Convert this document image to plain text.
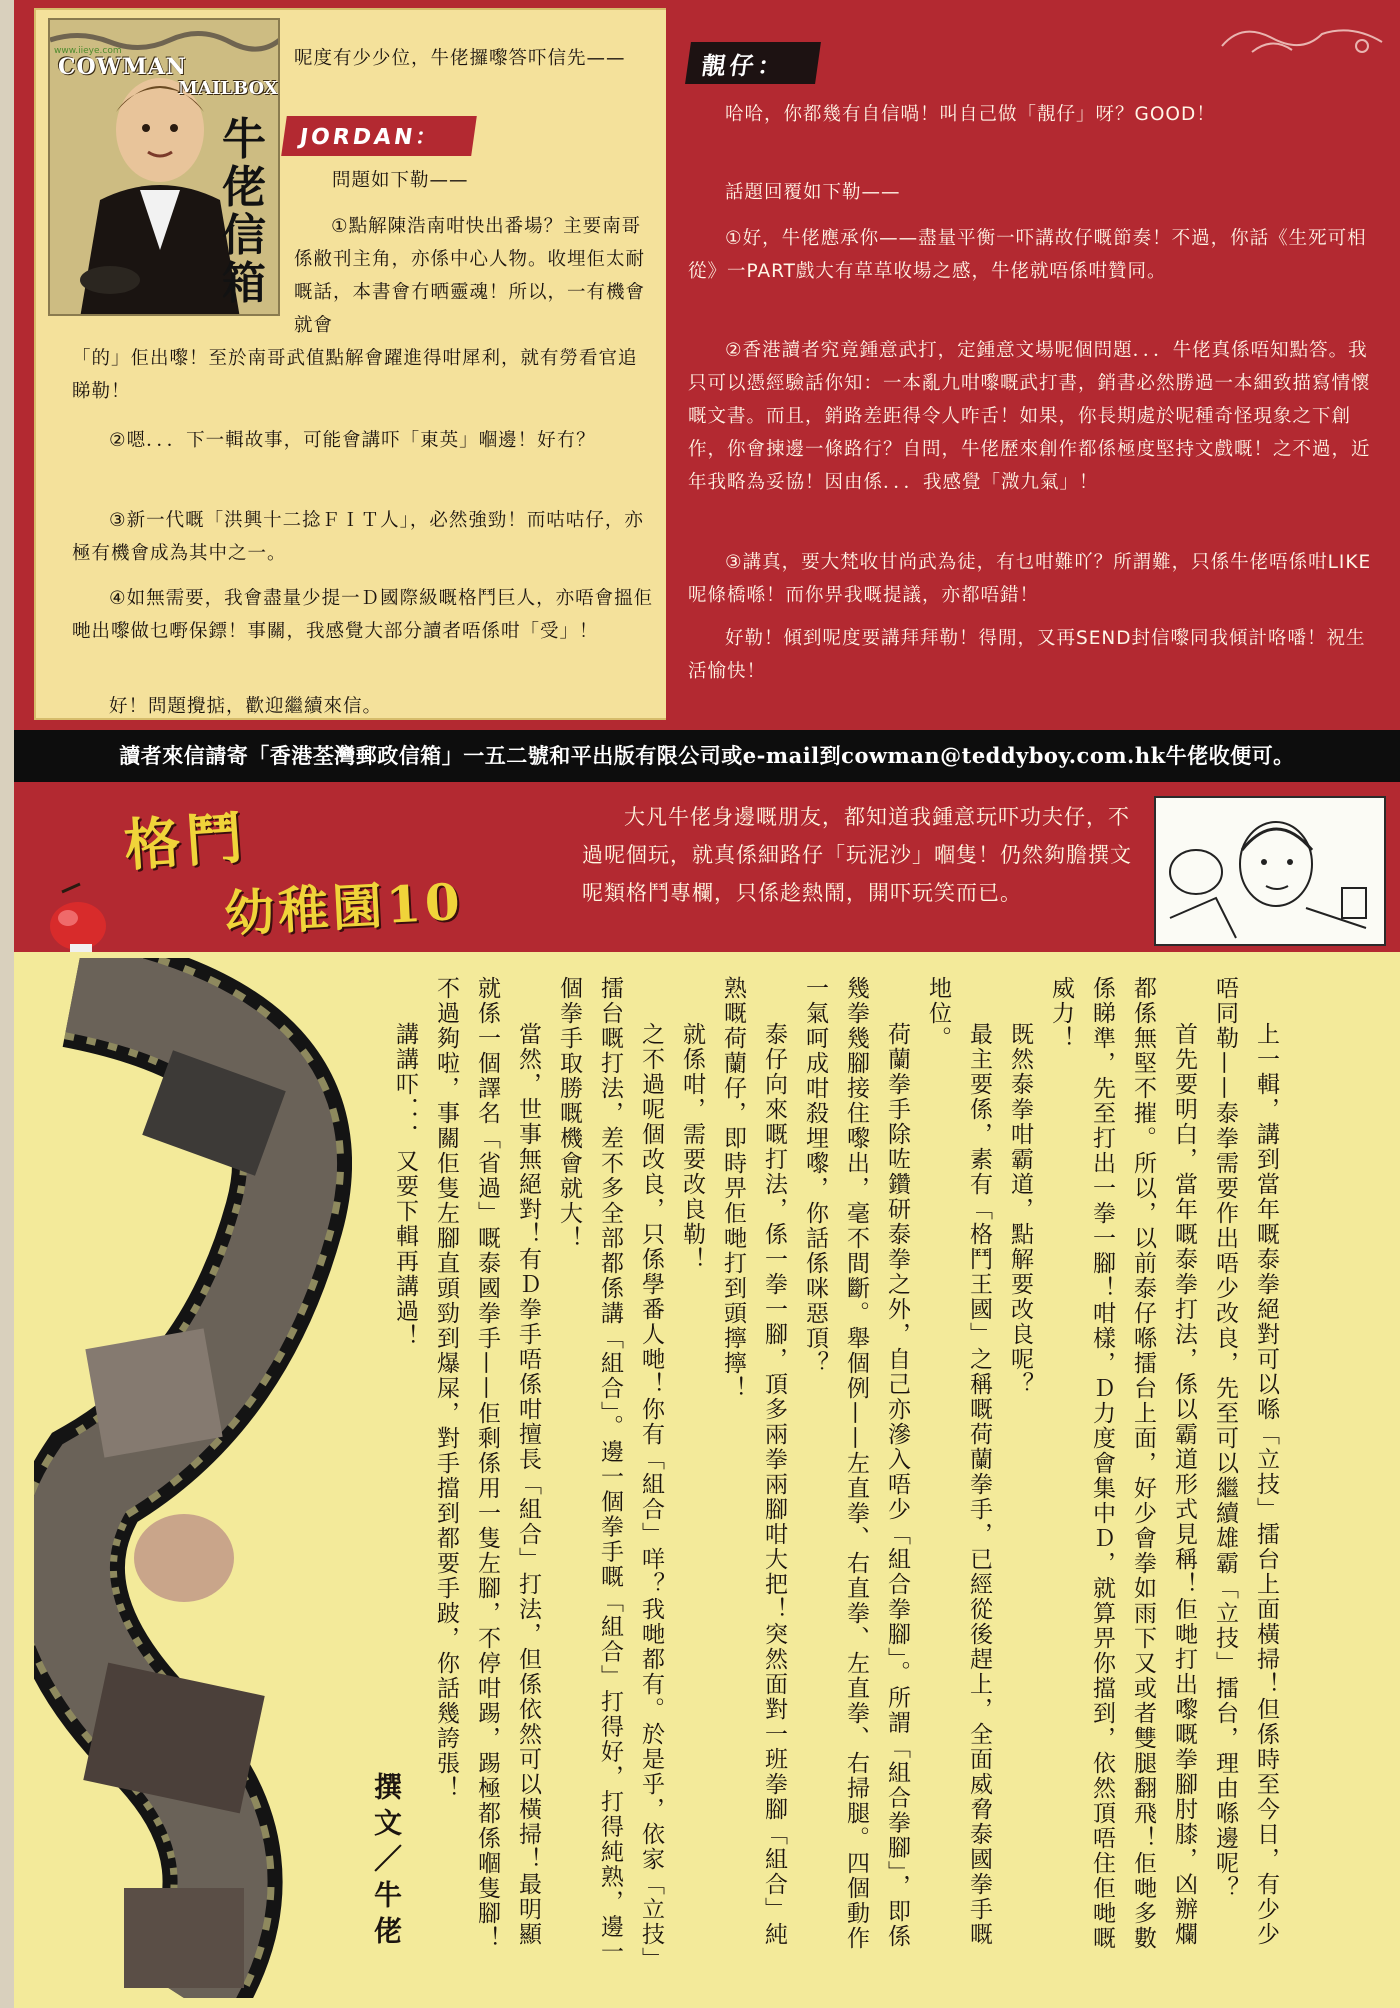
www.iieye.com
COWMAN
MAILBOX
牛佬信箱

呢度有少少位，牛佬攞嚟答吓信先——

JORDAN：

問題如下勒——

①點解陳浩南咁快出番場？主要南哥係敝刊主角，亦係中心人物。收埋佢太耐嘅話，本書會冇晒靈魂！所以，一有機會就會

「的」佢出嚟！至於南哥武值點解會躍進得咁犀利，就有勞看官追睇勒！

②嗯．．．下一輯故事，可能會講吓「東英」嗰邊！好冇？

③新一代嘅「洪興十二捻ＦＩＴ人」，必然強勁！而咕咕仔，亦極有機會成為其中之一。

④如無需要，我會盡量少提一Ｄ國際級嘅格鬥巨人，亦唔會搵佢哋出嚟做乜嘢保鏢！事關，我感覺大部分讀者唔係咁「受」！

好！問題攪掂，歡迎繼續來信。

靚仔：

哈哈，你都幾有自信喎！叫自己做「靚仔」呀？GOOD！

話題回覆如下勒——

①好，牛佬應承你——盡量平衡一吓講故仔嘅節奏！不過，你話《生死可相從》一PART戲大有草草收場之感，牛佬就唔係咁贊同。

②香港讀者究竟鍾意武打，定鍾意文場呢個問題．．．牛佬真係唔知點答。我只可以憑經驗話你知：一本亂九咁嚟嘅武打書，銷書必然勝過一本細致描寫情懷嘅文書。而且，銷路差距得令人咋舌！如果，你長期處於呢種奇怪現象之下創作，你會揀邊一條路行？自問，牛佬歷來創作都係極度堅持文戲嘅！之不過，近年我略為妥協！因由係．．．我感覺「溦九氣」！

③講真，要大梵收甘尚武為徒，有乜咁難吖？所謂難，只係牛佬唔係咁LIKE呢條橋喺！而你畀我嘅提議，亦都唔錯！

好勒！傾到呢度要講拜拜勒！得閒，又再SEND封信嚟同我傾計咯噃！祝生活愉快！

讀者來信請寄「香港荃灣郵政信箱」一五二號和平出版有限公司或e-mail到cowman@teddyboy.com.hk牛佬收便可。
格鬥
幼稚園10

大凡牛佬身邊嘅朋友，都知道我鍾意玩吓功夫仔，不過呢個玩，就真係細路仔「玩泥沙」嗰隻！仍然夠膽撰文呢類格鬥專欄，只係趁熱鬧，開吓玩笑而已。

上一輯，講到當年嘅泰拳絕對可以喺「立技」擂台上面橫掃！但係時至今日，有少少唔同勒——泰拳需要作出唔少改良，先至可以繼續雄霸「立技」擂台，理由喺邊呢？

首先要明白，當年嘅泰拳打法，係以霸道形式見稱！佢哋打出嚟嘅拳腳肘膝，凶辦爛都係無堅不摧。所以，以前泰仔喺擂台上面，好少會拳如雨下又或者雙腿翻飛！佢哋多數係睇準，先至打出一拳一腳！咁樣，Ｄ力度會集中Ｄ，就算畀你擋到，依然頂唔住佢哋嘅威力！

既然泰拳咁霸道，點解要改良呢？

最主要係，素有「格鬥王國」之稱嘅荷蘭拳手，已經從後趕上，全面威脅泰國拳手嘅地位。

荷蘭拳手除咗鑽研泰拳之外，自己亦滲入唔少「組合拳腳」。所謂「組合拳腳」，即係幾拳幾腳接住嚟出，毫不間斷。舉個例——左直拳、右直拳、左直拳、右掃腿。四個動作一氣呵成咁殺埋嚟，你話係咪惡頂？

泰仔向來嘅打法，係一拳一腳，頂多兩拳兩腳咁大把！突然面對一班拳腳「組合」純熟嘅荷蘭仔，即時畀佢哋打到頭擰擰！

就係咁，需要改良勒！

之不過呢個改良，只係學番人哋！你有「組合」咩？我哋都有。於是乎，依家「立技」擂台嘅打法，差不多全部都係講「組合」。邊一個拳手嘅「組合」打得好，打得純熟，邊一個拳手取勝嘅機會就大！

當然，世事無絕對！有Ｄ拳手唔係咁擅長「組合」打法，但係依然可以橫掃！最明顯就係一個譯名「省過」嘅泰國拳手——佢剩係用一隻左腳，不停咁踢，踢極都係嗰隻腳！不過夠啦，事關佢隻左腳直頭勁到爆屎，對手擋到都要手跛，你話幾誇張！

講講吓．．．又要下輯再講過！

撰文／牛佬
